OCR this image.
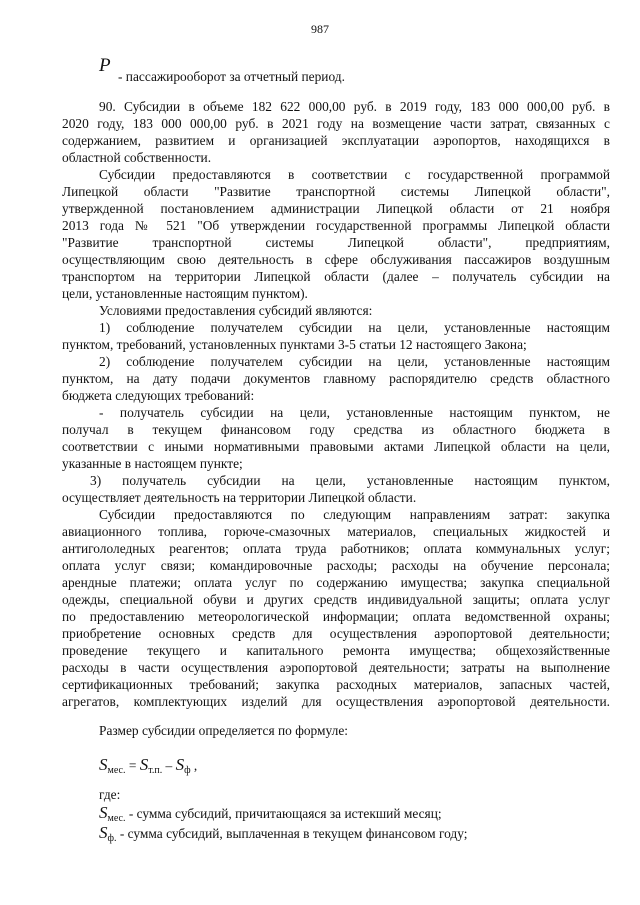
987
P
- пассажирооборот за отчетный период.
90. Субсидии в объеме 182 622 000,00 руб. в 2019 году, 183 000 000,00 руб. в
2020 году, 183 000 000,00 руб. в 2021 году на возмещение части затрат, связанных с
содержанием, развитием и организацией эксплуатации аэропортов, находящихся в
областной собственности.
Субсидии предоставляются в соответствии с государственной программой
Липецкой области "Развитие транспортной системы Липецкой области",
утвержденной постановлением администрации Липецкой области от 21 ноября
2013 года № 521 "Об утверждении государственной программы Липецкой области
"Развитие транспортной системы Липецкой области", предприятиям,
осуществляющим свою деятельность в сфере обслуживания пассажиров воздушным
транспортом на территории Липецкой области (далее – получатель субсидии на
цели, установленные настоящим пунктом).
Условиями предоставления субсидий являются:
1) соблюдение получателем субсидии на цели, установленные настоящим
пунктом, требований, установленных пунктами 3-5 статьи 12 настоящего Закона;
2) соблюдение получателем субсидии на цели, установленные настоящим
пунктом, на дату подачи документов главному распорядителю средств областного
бюджета следующих требований:
- получатель субсидии на цели, установленные настоящим пунктом, не
получал в текущем финансовом году средства из областного бюджета в
соответствии с иными нормативными правовыми актами Липецкой области на цели,
указанные в настоящем пункте;
3) получатель субсидии на цели, установленные настоящим пунктом,
осуществляет деятельность на территории Липецкой области.
Субсидии предоставляются по следующим направлениям затрат: закупка
авиационного топлива, горюче-смазочных материалов, специальных жидкостей и
антигололедных реагентов; оплата труда работников; оплата коммунальных услуг;
оплата услуг связи; командировочные расходы; расходы на обучение персонала;
арендные платежи; оплата услуг по содержанию имущества; закупка специальной
одежды, специальной обуви и других средств индивидуальной защиты; оплата услуг
по предоставлению метеорологической информации; оплата ведомственной охраны;
приобретение основных средств для осуществления аэропортовой деятельности;
проведение текущего и капитального ремонта имущества; общехозяйственные
расходы в части осуществления аэропортовой деятельности; затраты на выполнение
сертификационных требований; закупка расходных материалов, запасных частей,
агрегатов, комплектующих изделий для осуществления аэропортовой деятельности.
Размер субсидии определяется по формуле:
$S_{мес.} = S_{т.п.} - S_ф$ ,
где:
$S_{мес.}$ - сумма субсидий, причитающаяся за истекший месяц;
$S_{ф.}$ - сумма субсидий, выплаченная в текущем финансовом году;
